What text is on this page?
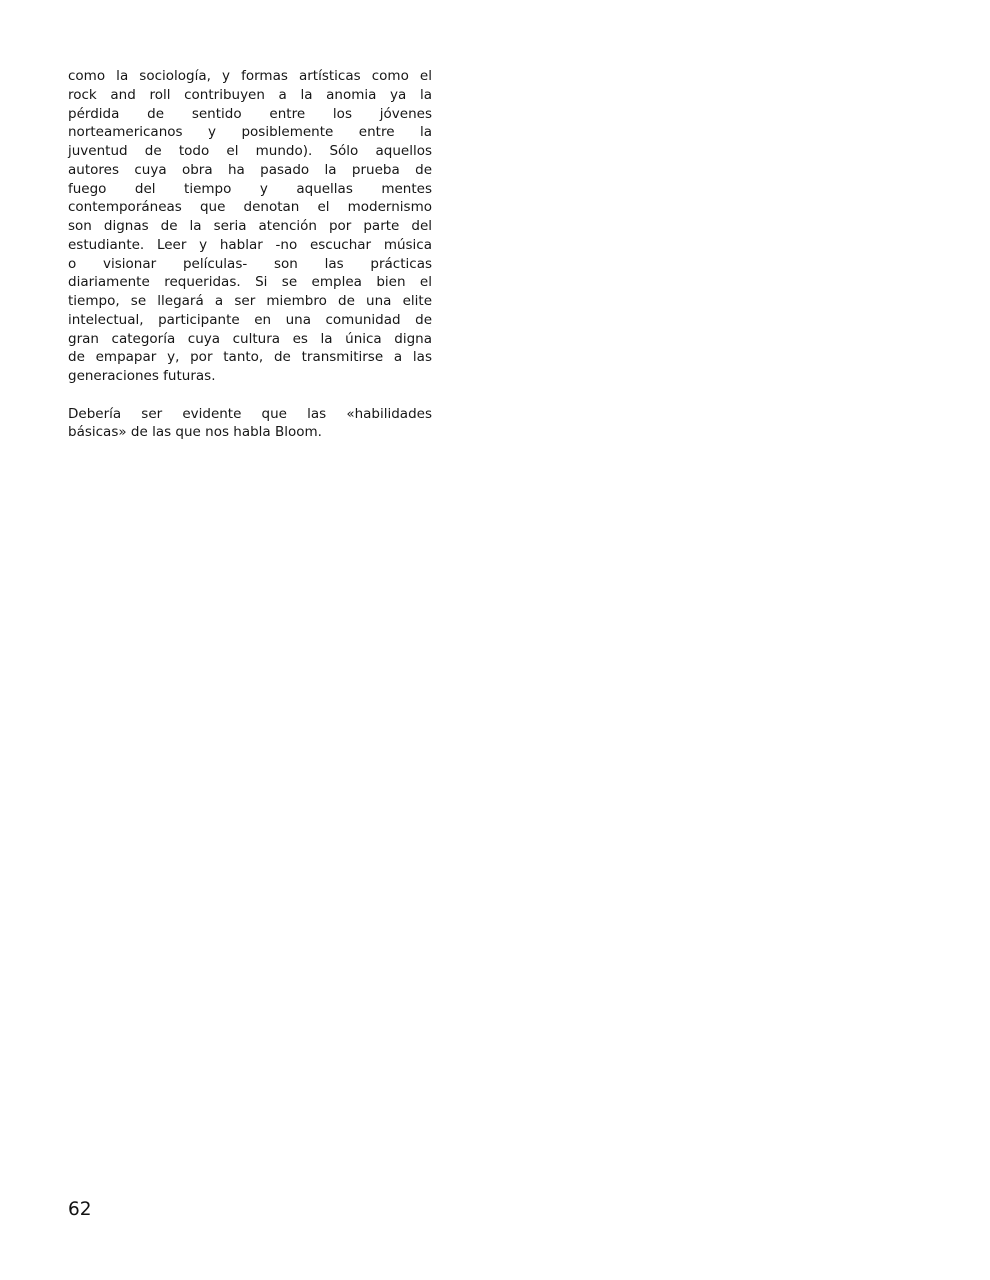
como la sociología, y formas artísticas como el
rock and roll contribuyen a la anomia ya la
pérdida de sentido entre los jóvenes
norteamericanos y posiblemente entre la
juventud de todo el mundo). Sólo aquellos
autores cuya obra ha pasado la prueba de
fuego del tiempo y aquellas mentes
contemporáneas que denotan el modernismo
son dignas de la seria atención por parte del
estudiante. Leer y hablar -no escuchar música
o visionar películas- son las prácticas
diariamente requeridas. Si se emplea bien el
tiempo, se llegará a ser miembro de una elite
intelectual, participante en una comunidad de
gran categoría cuya cultura es la única digna
de empapar y, por tanto, de transmitirse a las
generaciones futuras.
Debería ser evidente que las «habilidades
básicas» de las que nos habla Bloom.
62
